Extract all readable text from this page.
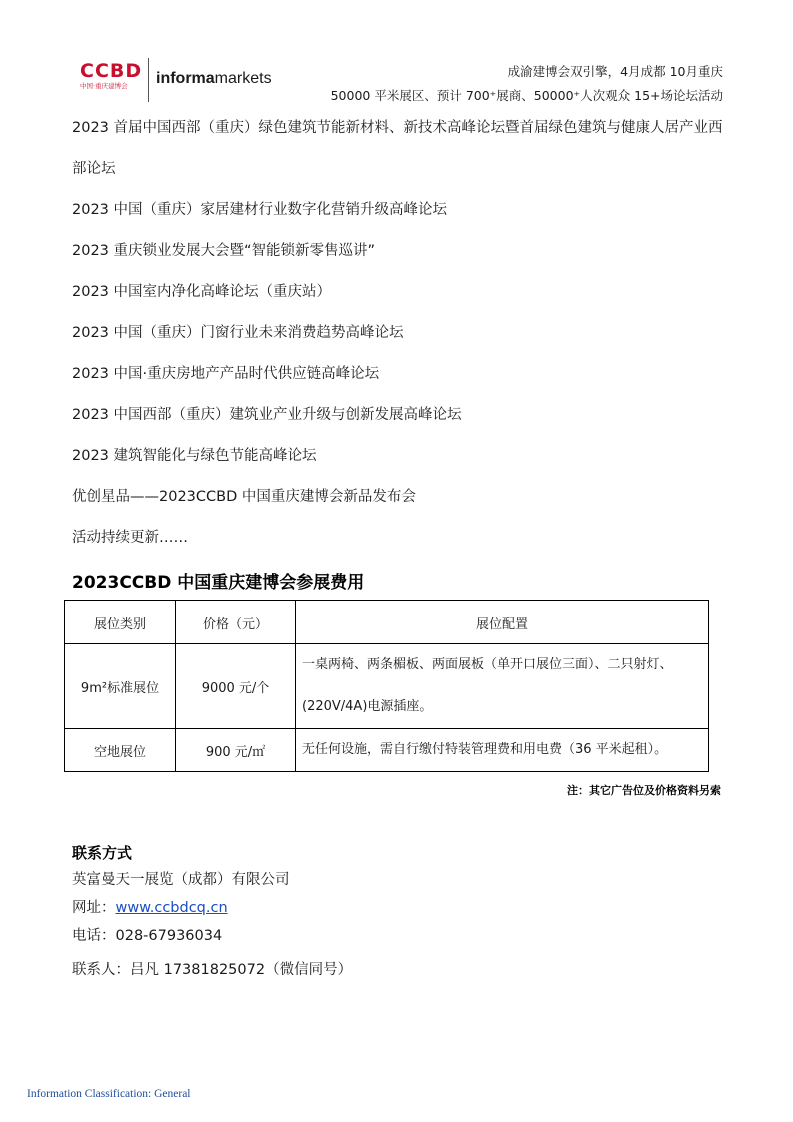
CCBD
中国·重庆建博会	informamarkets	成渝建博会双引擎，4月成都 10月重庆
50000 平米展区、预计 700⁺展商、50000⁺人次观众 15+场论坛活动

2023 首届中国西部（重庆）绿色建筑节能新材料、新技术高峰论坛暨首届绿色建筑与健康人居产业西部论坛

2023 中国（重庆）家居建材行业数字化营销升级高峰论坛

2023 重庆锁业发展大会暨“智能锁新零售巡讲”

2023 中国室内净化高峰论坛（重庆站）

2023 中国（重庆）门窗行业未来消费趋势高峰论坛

2023 中国·重庆房地产产品时代供应链高峰论坛

2023 中国西部（重庆）建筑业产业升级与创新发展高峰论坛

2023 建筑智能化与绿色节能高峰论坛

优创星品——2023CCBD 中国重庆建博会新品发布会

活动持续更新……

2023CCBD 中国重庆建博会参展费用
展位类别	价格（元）	展位配置
9m²标准展位	9000 元/个	一桌两椅、两条楣板、两面展板（单开口展位三面）、二只射灯、
(220V/4A)电源插座。

空地展位	900 元/㎡	无任何设施，需自行缴付特装管理费和用电费（36 平米起租）。
注：其它广告位及价格资料另索

联系方式

英富曼天一展览（成都）有限公司

网址：www.ccbdcq.cn

电话：028-67936034

联系人：吕凡 17381825072（微信同号）

Information Classification: General
